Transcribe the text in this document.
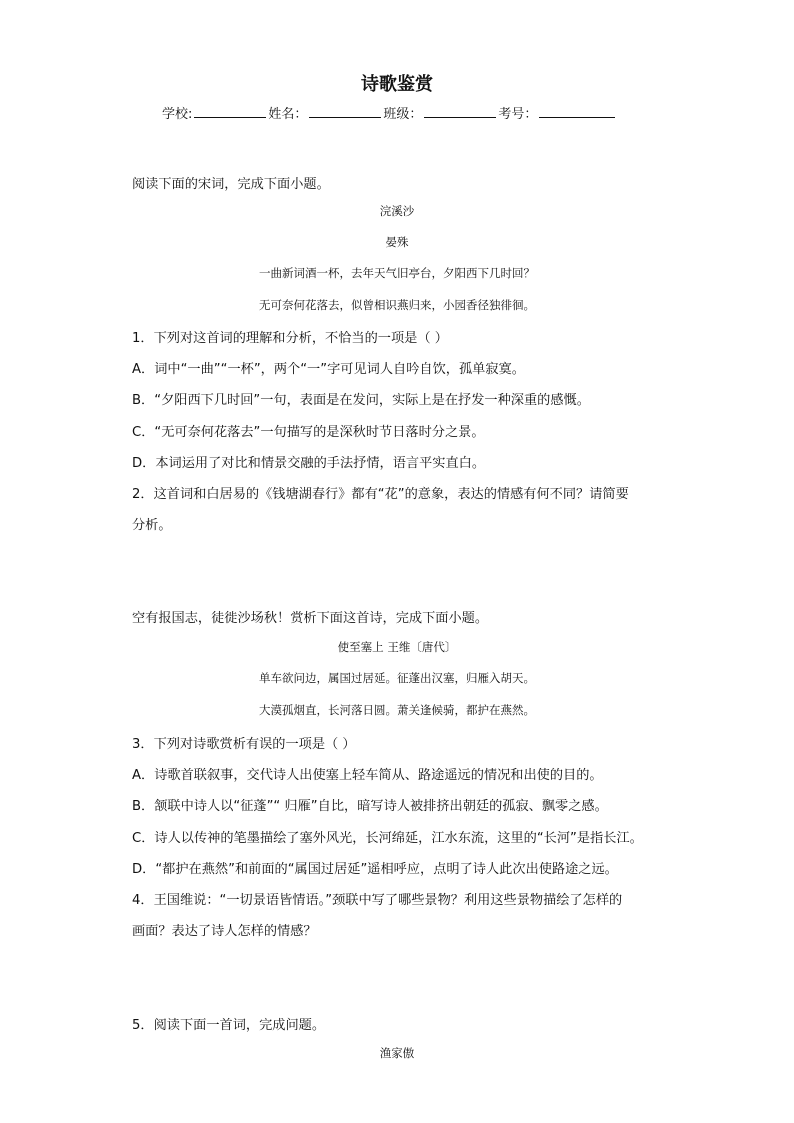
诗歌鉴赏
学校:	姓名：	班级：	考号：
阅读下面的宋词，完成下面小题。
浣溪沙
晏殊
一曲新词酒一杯，去年天气旧亭台，夕阳西下几时回？
无可奈何花落去，似曾相识燕归来，小园香径独徘徊。
1．下列对这首词的理解和分析，不恰当的一项是（ ）
A．词中“一曲”“一杯”，两个“一”字可见词人自吟自饮，孤单寂寞。
B．“夕阳西下几时回”一句，表面是在发问，实际上是在抒发一种深重的感慨。
C．“无可奈何花落去”一句描写的是深秋时节日落时分之景。
D．本词运用了对比和情景交融的手法抒情，语言平实直白。
2．这首词和白居易的《钱塘湖春行》都有“花”的意象，表达的情感有何不同？请简要
分析。
空有报国志，徒徙沙场秋！赏析下面这首诗，完成下面小题。
使至塞上 王维〔唐代〕
单车欲问边，属国过居延。征蓬出汉塞，归雁入胡天。
大漠孤烟直，长河落日圆。萧关逢候骑，都护在燕然。
3．下列对诗歌赏析有误的一项是（ ）
A．诗歌首联叙事，交代诗人出使塞上轻车简从、路途遥远的情况和出使的目的。
B．颔联中诗人以“征蓬”“ 归雁”自比，暗写诗人被排挤出朝廷的孤寂、飘零之感。
C．诗人以传神的笔墨描绘了塞外风光，长河绵延，江水东流，这里的“长河”是指长江。
D．“都护在燕然”和前面的“属国过居延”遥相呼应，点明了诗人此次出使路途之远。
4．王国维说：“一切景语皆情语。”颈联中写了哪些景物？利用这些景物描绘了怎样的
画面？表达了诗人怎样的情感？
5．阅读下面一首词，完成问题。
渔家傲
